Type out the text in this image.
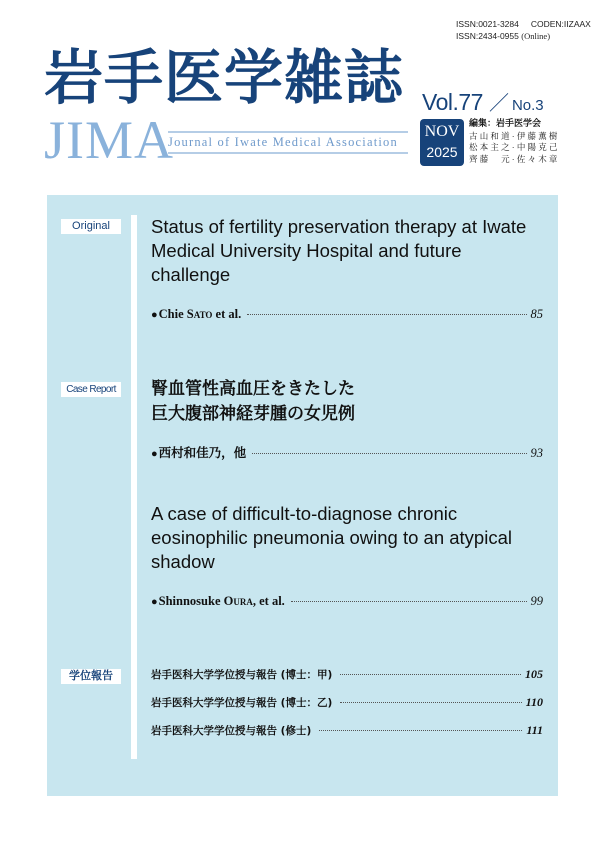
ISSN:0021-3284 CODEN:IIZAAX
ISSN:2434-0955 (Online)
岩手医学雑誌
JIMA
Journal of Iwate Medical Association
Vol.77 ／ No.3
NOV
2025
編集：岩手医学会
古山和道·伊藤薫樹
松本主之·中陽克己
齊藤　元·佐々木章
Original	Status of fertility preservation therapy at Iwate Medical University Hospital and future challenge
● Chie Sato et al.	85
Case Report	腎血管性高血圧をきたした
巨大腹部神経芽腫の女児例
● 西村和佳乃，他	93
A case of difficult-to-diagnose chronic eosinophilic pneumonia owing to an atypical shadow
● Shinnosuke Oura, et al.	99
学位報告	岩手医科大学学位授与報告 (博士：甲)	105
岩手医科大学学位授与報告 (博士：乙)	110
岩手医科大学学位授与報告 (修士)	111
